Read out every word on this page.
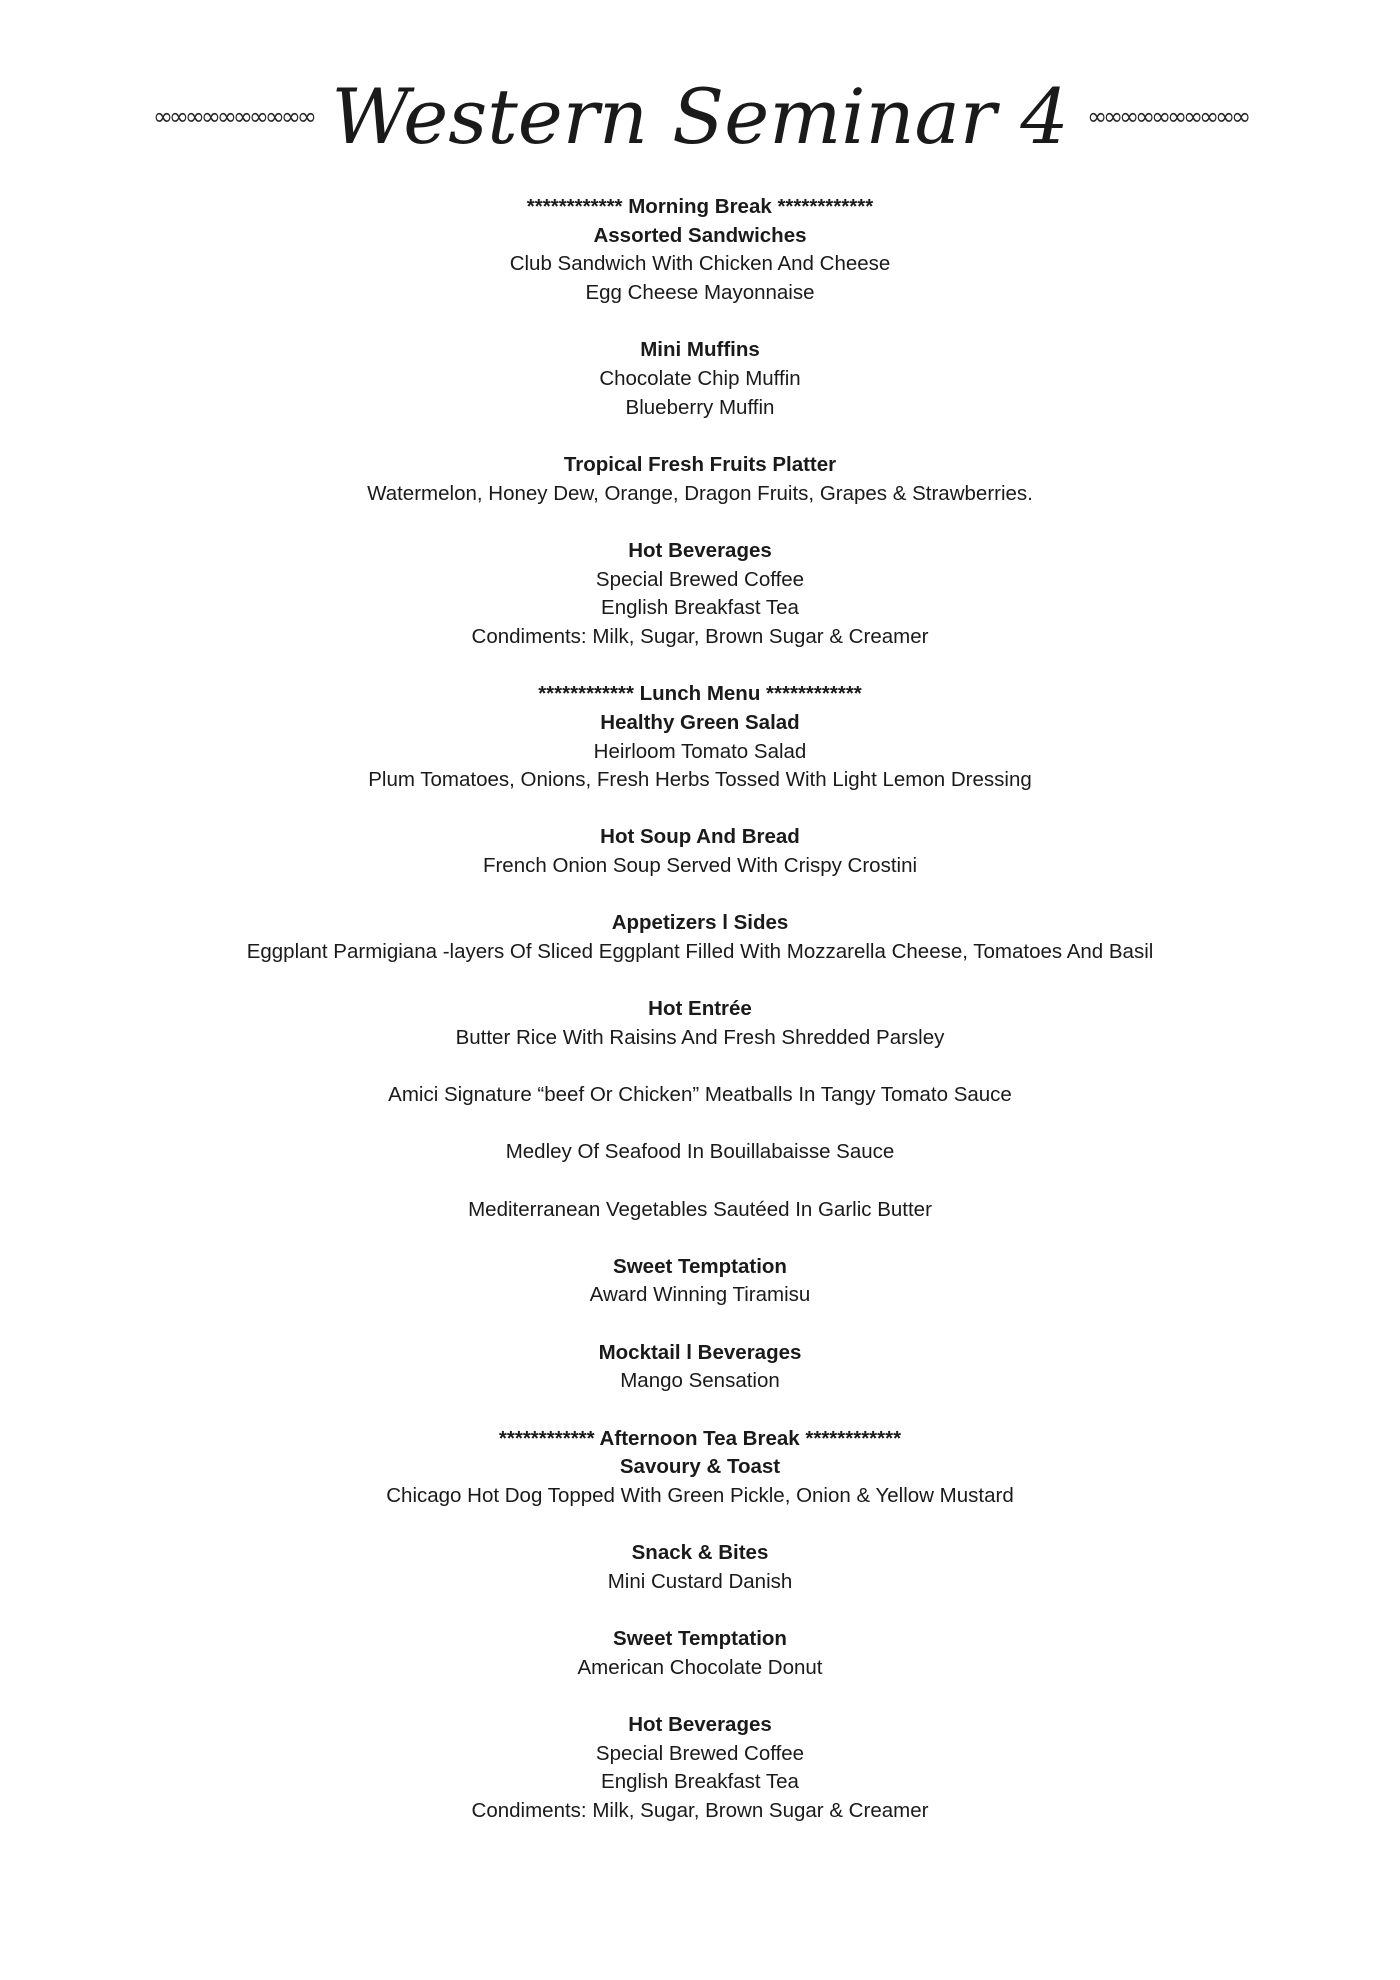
∞∞∞∞∞∞∞∞∞∞ Western Seminar 4 ∞∞∞∞∞∞∞∞∞∞
************ Morning Break ************
Assorted Sandwiches
Club Sandwich With Chicken And Cheese
Egg Cheese Mayonnaise
Mini Muffins
Chocolate Chip Muffin
Blueberry Muffin
Tropical Fresh Fruits Platter
Watermelon, Honey Dew, Orange, Dragon Fruits, Grapes & Strawberries.
Hot Beverages
Special Brewed Coffee
English Breakfast Tea
Condiments: Milk, Sugar, Brown Sugar & Creamer
************ Lunch Menu ************
Healthy Green Salad
Heirloom Tomato Salad
Plum Tomatoes, Onions, Fresh Herbs Tossed With Light Lemon Dressing
Hot Soup And Bread
French Onion Soup Served With Crispy Crostini
Appetizers l Sides
Eggplant Parmigiana -layers Of Sliced Eggplant Filled With Mozzarella Cheese, Tomatoes And Basil
Hot Entrée
Butter Rice With Raisins And Fresh Shredded Parsley
Amici Signature “beef Or Chicken” Meatballs In Tangy Tomato Sauce
Medley Of Seafood In Bouillabaisse Sauce
Mediterranean Vegetables Sautéed In Garlic Butter
Sweet Temptation
Award Winning Tiramisu
Mocktail l Beverages
Mango Sensation
************ Afternoon Tea Break ************
Savoury & Toast
Chicago Hot Dog Topped With Green Pickle, Onion & Yellow Mustard
Snack & Bites
Mini Custard Danish
Sweet Temptation
American Chocolate Donut
Hot Beverages
Special Brewed Coffee
English Breakfast Tea
Condiments: Milk, Sugar, Brown Sugar & Creamer
